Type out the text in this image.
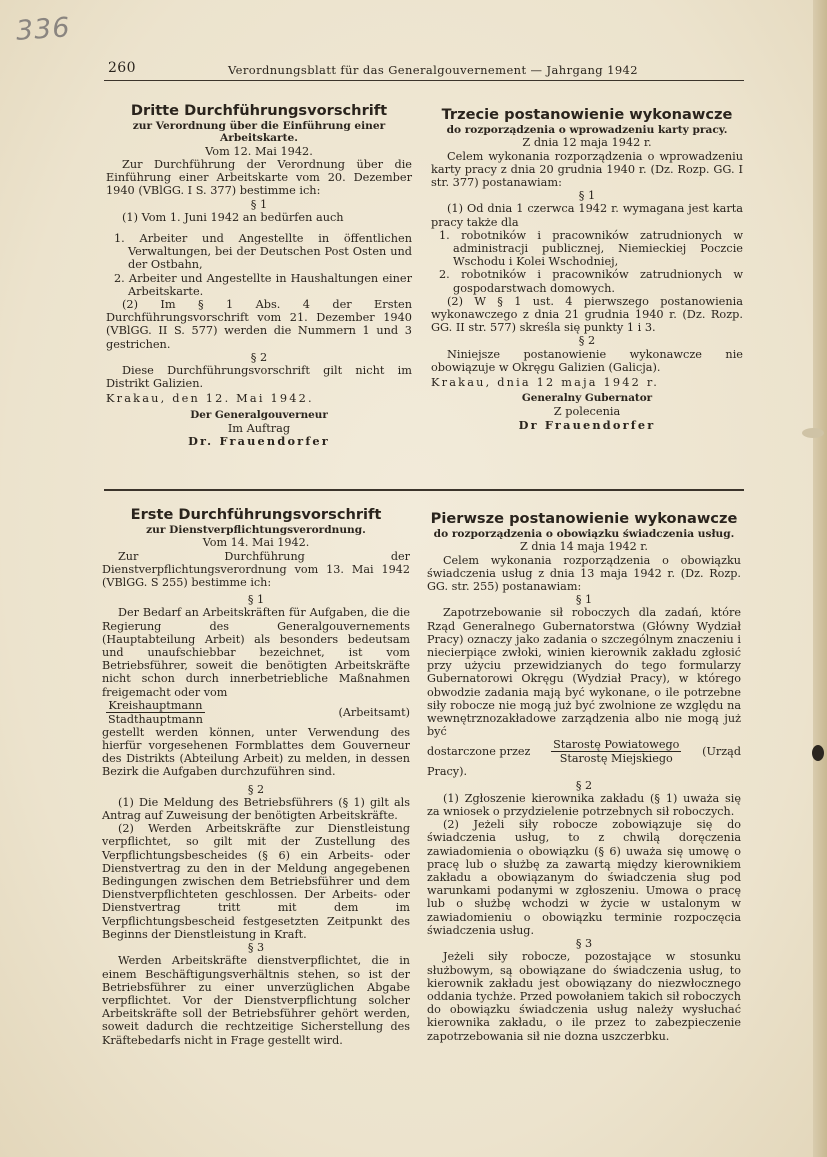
336
260	Verordnungsblatt für das Generalgouvernement — Jahrgang 1942

Dritte Durchführungsvorschrift

zur Verordnung über die Einführung einer Arbeitskarte.

Vom 12. Mai 1942.

Zur Durchführung der Verordnung über die Einführung einer Arbeitskarte vom 20. Dezember 1940 (VBlGG. I S. 377) bestimme ich:

§ 1

(1) Vom 1. Juni 1942 an bedürfen auch

1. Arbeiter und Angestellte in öffentlichen Verwaltungen, bei der Deutschen Post Osten und der Ostbahn,

2. Arbeiter und Angestellte in Haushaltungen einer Arbeitskarte.

(2) Im § 1 Abs. 4 der Ersten Durchführungsvorschrift vom 21. Dezember 1940 (VBlGG. II S. 577) werden die Nummern 1 und 3 gestrichen.

§ 2

Diese Durchführungsvorschrift gilt nicht im Distrikt Galizien.

Krakau, den 12. Mai 1942.

Der Generalgouverneur

Im Auftrag

Dr. Frauendorfer

Trzecie postanowienie wykonawcze

do rozporządzenia o wprowadzeniu karty pracy.

Z dnia 12 maja 1942 r.

Celem wykonania rozporządzenia o wprowadzeniu karty pracy z dnia 20 grudnia 1940 r. (Dz. Rozp. GG. I str. 377) postanawiam:

§ 1

(1) Od dnia 1 czerwca 1942 r. wymagana jest karta pracy także dla

1. robotników i pracowników zatrudnionych w administracji publicznej, Niemieckiej Poczcie Wschodu i Kolei Wschodniej,

2. robotników i pracowników zatrudnionych w gospodarstwach domowych.

(2) W § 1 ust. 4 pierwszego postanowienia wykonawczego z dnia 21 grudnia 1940 r. (Dz. Rozp. GG. II str. 577) skreśla się punkty 1 i 3.

§ 2

Niniejsze postanowienie wykonawcze nie obowiązuje w Okręgu Galizien (Galicja).

Krakau, dnia 12 maja 1942 r.

Generalny Gubernator

Z polecenia

Dr Frauendorfer

Erste Durchführungsvorschrift

zur Dienstverpflichtungsverordnung.

Vom 14. Mai 1942.

Zur Durchführung der Dienstverpflichtungsverordnung vom 13. Mai 1942 (VBlGG. S 255) bestimme ich:

§ 1

Der Bedarf an Arbeitskräften für Aufgaben, die die Regierung des Generalgouvernements (Hauptabteilung Arbeit) als besonders bedeutsam und unaufschiebbar bezeichnet, ist vom Betriebsführer, soweit die benötigten Arbeitskräfte nicht schon durch innerbetriebliche Maßnahmen freigemacht oder vom

$\frac{\text{Kreishauptmann}}{\text{Stadthauptmann}}$	(Arbeitsamt)

gestellt werden können, unter Verwendung des hierfür vorgesehenen Formblattes dem Gouverneur des Distrikts (Abteilung Arbeit) zu melden, in dessen Bezirk die Aufgaben durchzuführen sind.

§ 2

(1) Die Meldung des Betriebsführers (§ 1) gilt als Antrag auf Zuweisung der benötigten Arbeitskräfte.

(2) Werden Arbeitskräfte zur Dienstleistung verpflichtet, so gilt mit der Zustellung des Verpflichtungsbescheides (§ 6) ein Arbeits- oder Dienstvertrag zu den in der Meldung angegebenen Bedingungen zwischen dem Betriebsführer und dem Dienstverpflichteten geschlossen. Der Arbeits- oder Dienstvertrag tritt mit dem im Verpflichtungsbescheid festgesetzten Zeitpunkt des Beginns der Dienstleistung in Kraft.

§ 3

Werden Arbeitskräfte dienstverpflichtet, die in einem Beschäftigungsverhältnis stehen, so ist der Betriebsführer zu einer unverzüglichen Abgabe verpflichtet. Vor der Dienstverpflichtung solcher Arbeitskräfte soll der Betriebsführer gehört werden, soweit dadurch die rechtzeitige Sicherstellung des Kräftebedarfs nicht in Frage gestellt wird.

Pierwsze postanowienie wykonawcze

do rozporządzenia o obowiązku świadczenia usług.

Z dnia 14 maja 1942 r.

Celem wykonania rozporządzenia o obowiązku świadczenia usług z dnia 13 maja 1942 r. (Dz. Rozp. GG. str. 255) postanawiam:

§ 1

Zapotrzebowanie sił roboczych dla zadań, które Rząd Generalnego Gubernatorstwa (Główny Wydział Pracy) oznaczy jako zadania o szczególnym znaczeniu i niecierpiące zwłoki, winien kierownik zakładu zgłosić przy użyciu przewidzianych do tego formularzy Gubernatorowi Okręgu (Wydział Pracy), w którego obwodzie zadania mają być wykonane, o ile potrzebne siły robocze nie mogą już być zwolnione ze względu na wewnętrznozakładowe zarządzenia albo nie mogą już być

dostarczone przez $\frac{\text{Starostę Powiatowego}}{\text{Starostę Miejskiego}}$ (Urząd

Pracy).

§ 2

(1) Zgłoszenie kierownika zakładu (§ 1) uważa się za wniosek o przydzielenie potrzebnych sił roboczych.

(2) Jeżeli siły robocze zobowiązuje się do świadczenia usług, to z chwilą doręczenia zawiadomienia o obowiązku (§ 6) uważa się umowę o pracę lub o służbę za zawartą między kierownikiem zakładu a obowiązanym do świadczenia sług pod warunkami podanymi w zgłoszeniu. Umowa o pracę lub o służbę wchodzi w życie w ustalonym w zawiadomieniu o obowiązku terminie rozpoczęcia świadczenia usług.

§ 3

Jeżeli siły robocze, pozostające w stosunku służbowym, są obowiązane do świadczenia usług, to kierownik zakładu jest obowiązany do niezwłocznego oddania tychże. Przed powołaniem takich sił roboczych do obowiązku świadczenia usług należy wysłuchać kierownika zakładu, o ile przez to zabezpieczenie zapotrzebowania sił nie dozna uszczerbku.
